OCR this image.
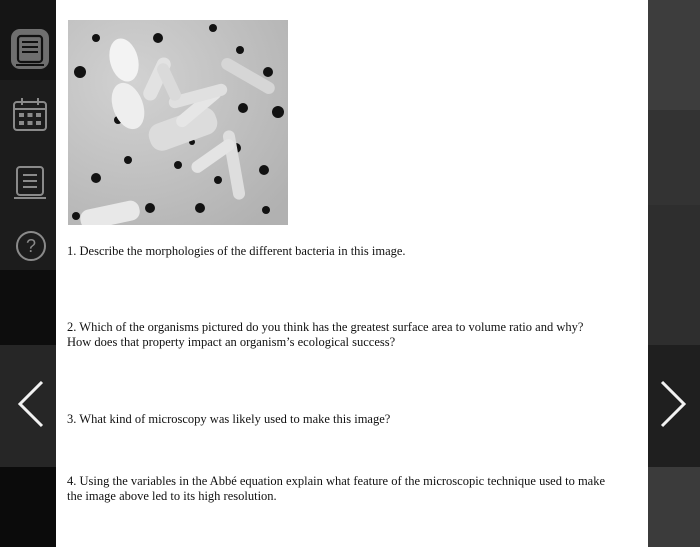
? 1. Describe the morphologies of the different bacteria in this image.
2. Which of the organisms pictured do you think has the greatest surface area to volume ratio and why? How does that property impact an organism’s ecological success?
3. What kind of microscopy was likely used to make this image?
4. Using the variables in the Abbé equation explain what feature of the microscopic technique used to make the image above led to its high resolution.
